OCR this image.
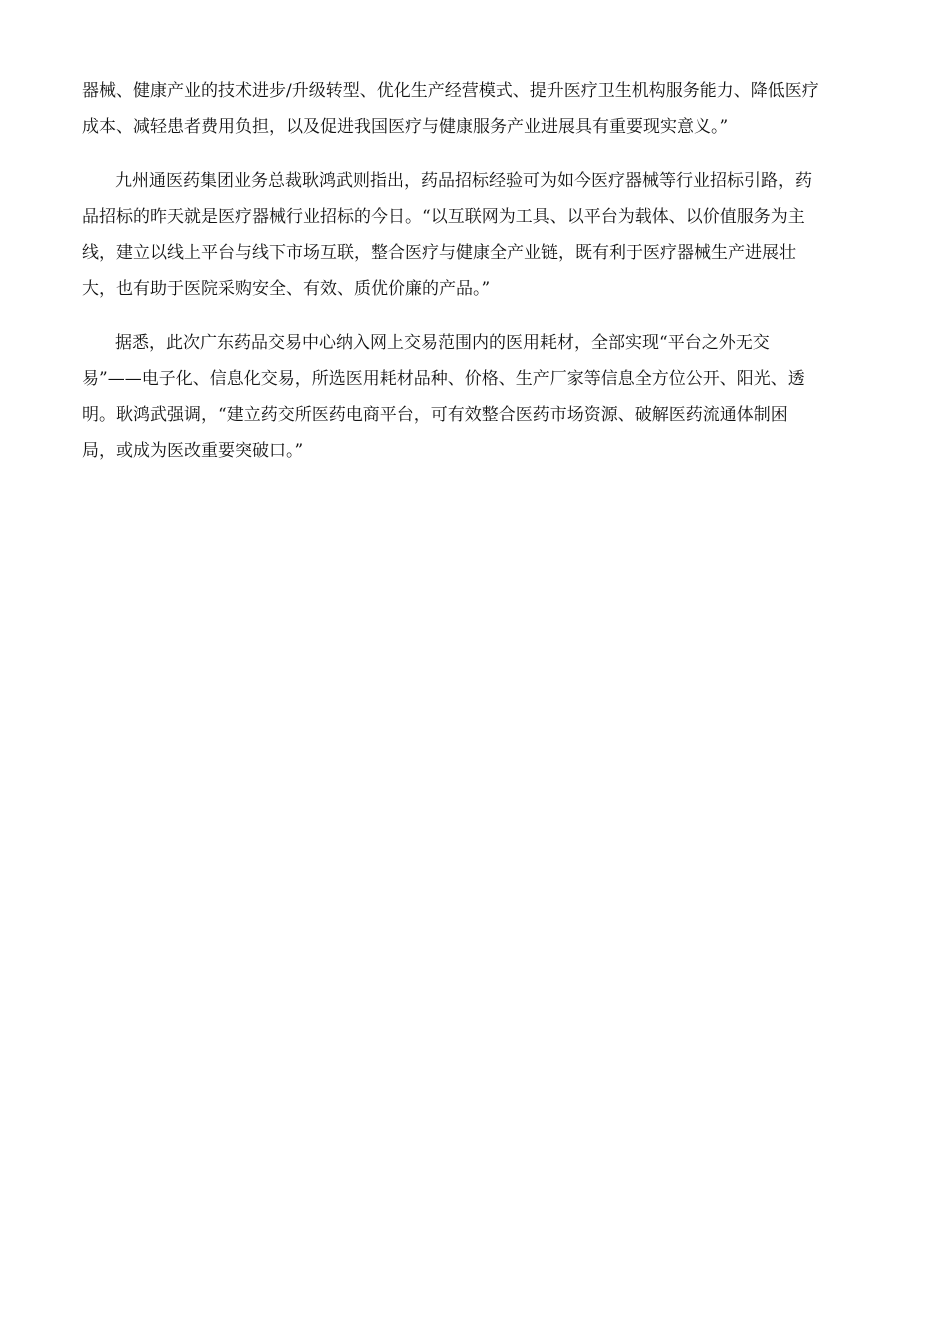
器械、健康产业的技术进步/升级转型、优化生产经营模式、提升医疗卫生机构服务能力、降低医疗
成本、减轻患者费用负担，以及促进我国医疗与健康服务产业进展具有重要现实意义。”
九州通医药集团业务总裁耿鸿武则指出，药品招标经验可为如今医疗器械等行业招标引路，药
品招标的昨天就是医疗器械行业招标的今日。“以互联网为工具、以平台为载体、以价值服务为主
线，建立以线上平台与线下市场互联，整合医疗与健康全产业链，既有利于医疗器械生产进展壮
大，也有助于医院采购安全、有效、质优价廉的产品。”
据悉，此次广东药品交易中心纳入网上交易范围内的医用耗材，全部实现“平台之外无交
易”——电子化、信息化交易，所选医用耗材品种、价格、生产厂家等信息全方位公开、阳光、透
明。耿鸿武强调，“建立药交所医药电商平台，可有效整合医药市场资源、破解医药流通体制困
局，或成为医改重要突破口。”
